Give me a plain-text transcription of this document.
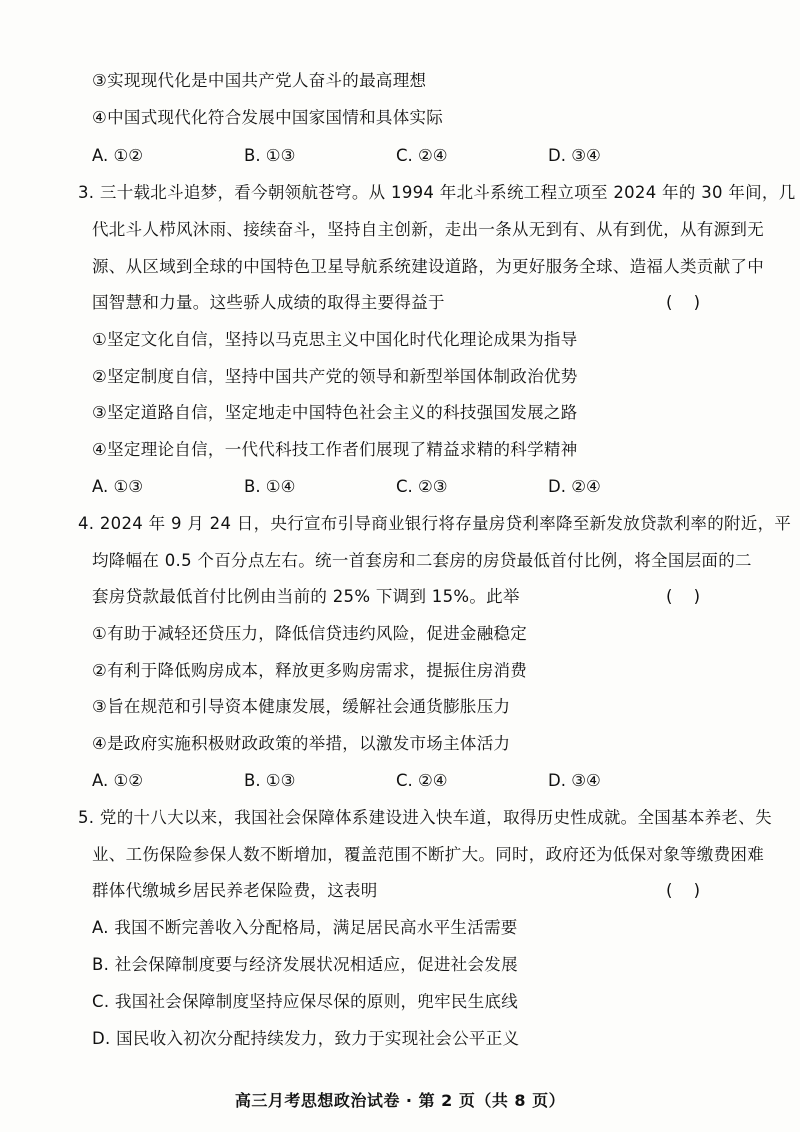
③实现现代化是中国共产党人奋斗的最高理想
④中国式现代化符合发展中国家国情和具体实际
A. ①②	B. ①③	C. ②④	D. ③④
3. 三十载北斗追梦，看今朝领航苍穹。从 1994 年北斗系统工程立项至 2024 年的 30 年间，几
代北斗人栉风沐雨、接续奋斗，坚持自主创新，走出一条从无到有、从有到优，从有源到无
源、从区域到全球的中国特色卫星导航系统建设道路，为更好服务全球、造福人类贡献了中
国智慧和力量。这些骄人成绩的取得主要得益于	( )
①坚定文化自信，坚持以马克思主义中国化时代化理论成果为指导
②坚定制度自信，坚持中国共产党的领导和新型举国体制政治优势
③坚定道路自信，坚定地走中国特色社会主义的科技强国发展之路
④坚定理论自信，一代代科技工作者们展现了精益求精的科学精神
A. ①③	B. ①④	C. ②③	D. ②④
4. 2024 年 9 月 24 日，央行宣布引导商业银行将存量房贷利率降至新发放贷款利率的附近，平
均降幅在 0.5 个百分点左右。统一首套房和二套房的房贷最低首付比例，将全国层面的二
套房贷款最低首付比例由当前的 25% 下调到 15%。此举	( )
①有助于减轻还贷压力，降低信贷违约风险，促进金融稳定
②有利于降低购房成本，释放更多购房需求，提振住房消费
③旨在规范和引导资本健康发展，缓解社会通货膨胀压力
④是政府实施积极财政政策的举措，以激发市场主体活力
A. ①②	B. ①③	C. ②④	D. ③④
5. 党的十八大以来，我国社会保障体系建设进入快车道，取得历史性成就。全国基本养老、失
业、工伤保险参保人数不断增加，覆盖范围不断扩大。同时，政府还为低保对象等缴费困难
群体代缴城乡居民养老保险费，这表明	( )
A. 我国不断完善收入分配格局，满足居民高水平生活需要
B. 社会保障制度要与经济发展状况相适应，促进社会发展
C. 我国社会保障制度坚持应保尽保的原则，兜牢民生底线
D. 国民收入初次分配持续发力，致力于实现社会公平正义
高三月考思想政治试卷 · 第 2 页（共 8 页）
